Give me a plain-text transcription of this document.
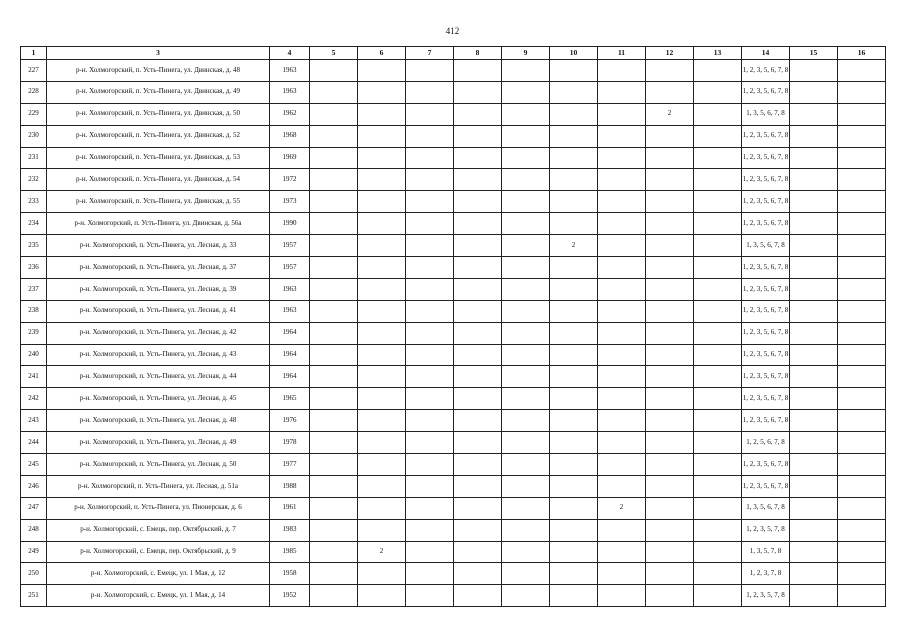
412
1	3	4	5	6	7	8	9	10	11	12	13	14	15	16
227	р-н. Холмогорский, п. Усть-Пинега, ул. Двинская, д. 48	1963										1, 2, 3, 5, 6, 7, 8		
228	р-н. Холмогорский, п. Усть-Пинега, ул. Двинская, д. 49	1963										1, 2, 3, 5, 6, 7, 8		
229	р-н. Холмогорский, п. Усть-Пинега, ул. Двинская, д. 50	1962								2		1, 3, 5, 6, 7, 8		
230	р-н. Холмогорский, п. Усть-Пинега, ул. Двинская, д. 52	1968										1, 2, 3, 5, 6, 7, 8		
231	р-н. Холмогорский, п. Усть-Пинега, ул. Двинская, д. 53	1969										1, 2, 3, 5, 6, 7, 8		
232	р-н. Холмогорский, п. Усть-Пинега, ул. Двинская, д. 54	1972										1, 2, 3, 5, 6, 7, 8		
233	р-н. Холмогорский, п. Усть-Пинега, ул. Двинская, д. 55	1973										1, 2, 3, 5, 6, 7, 8		
234	р-н. Холмогорский, п. Усть-Пинега, ул. Двинская, д. 56а	1990										1, 2, 3, 5, 6, 7, 8		
235	р-н. Холмогорский, п. Усть-Пинега, ул. Лесная, д. 33	1957						2				1, 3, 5, 6, 7, 8		
236	р-н. Холмогорский, п. Усть-Пинега, ул. Лесная, д. 37	1957										1, 2, 3, 5, 6, 7, 8		
237	р-н. Холмогорский, п. Усть-Пинега, ул. Лесная, д. 39	1963										1, 2, 3, 5, 6, 7, 8		
238	р-н. Холмогорский, п. Усть-Пинега, ул. Лесная, д. 41	1963										1, 2, 3, 5, 6, 7, 8		
239	р-н. Холмогорский, п. Усть-Пинега, ул. Лесная, д. 42	1964										1, 2, 3, 5, 6, 7, 8		
240	р-н. Холмогорский, п. Усть-Пинега, ул. Лесная, д. 43	1964										1, 2, 3, 5, 6, 7, 8		
241	р-н. Холмогорский, п. Усть-Пинега, ул. Лесная, д. 44	1964										1, 2, 3, 5, 6, 7, 8		
242	р-н. Холмогорский, п. Усть-Пинега, ул. Лесная, д. 45	1965										1, 2, 3, 5, 6, 7, 8		
243	р-н. Холмогорский, п. Усть-Пинега, ул. Лесная, д. 48	1976										1, 2, 3, 5, 6, 7, 8		
244	р-н. Холмогорский, п. Усть-Пинега, ул. Лесная, д. 49	1978										1, 2, 5, 6, 7, 8		
245	р-н. Холмогорский, п. Усть-Пинега, ул. Лесная, д. 50	1977										1, 2, 3, 5, 6, 7, 8		
246	р-н. Холмогорский, п. Усть-Пинега, ул. Лесная, д. 51а	1988										1, 2, 3, 5, 6, 7, 8		
247	р-н. Холмогорский, п. Усть-Пинега, ул. Пионерская, д. 6	1961							2			1, 3, 5, 6, 7, 8		
248	р-н. Холмогорский, с. Емецк, пер. Октябрьский, д. 7	1983										1, 2, 3, 5, 7, 8		
249	р-н. Холмогорский, с. Емецк, пер. Октябрьский, д. 9	1985		2								1, 3, 5, 7, 8		
250	р-н. Холмогорский, с. Емецк, ул. 1 Мая, д. 12	1958										1, 2, 3, 7, 8		
251	р-н. Холмогорский, с. Емецк, ул. 1 Мая, д. 14	1952										1, 2, 3, 5, 7, 8		
